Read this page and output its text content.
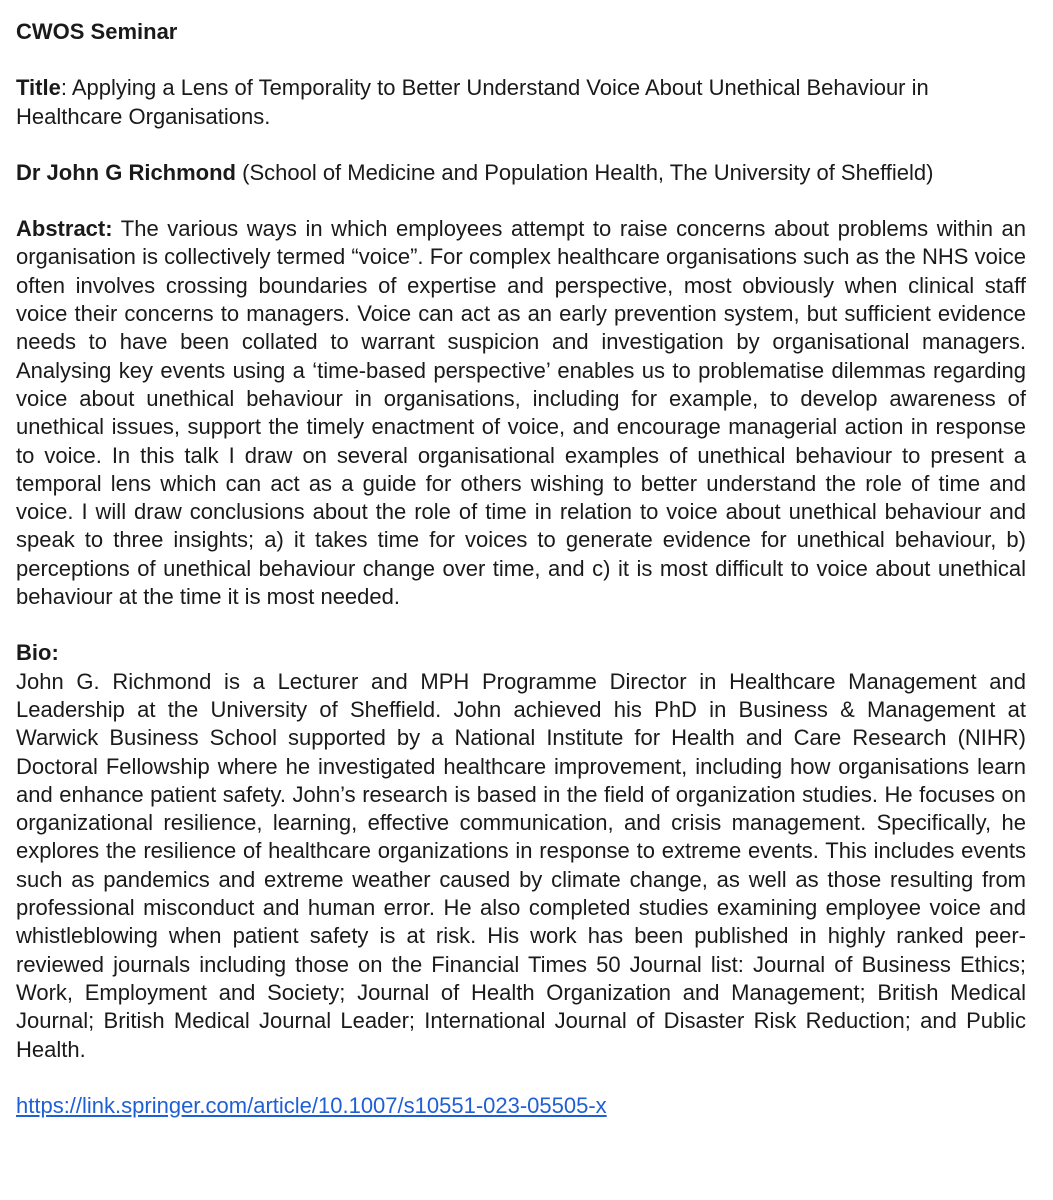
CWOS Seminar

Title: Applying a Lens of Temporality to Better Understand Voice About Unethical Behaviour in Healthcare Organisations.

Dr John G Richmond (School of Medicine and Population Health, The University of Sheffield)

Abstract: The various ways in which employees attempt to raise concerns about problems within an organisation is collectively termed “voice”. For complex healthcare organisations such as the NHS voice often involves crossing boundaries of expertise and perspective, most obviously when clinical staff voice their concerns to managers. Voice can act as an early prevention system, but sufficient evidence needs to have been collated to warrant suspicion and investigation by organisational managers. Analysing key events using a ‘time-based perspective’ enables us to problematise dilemmas regarding voice about unethical behaviour in organisations, including for example, to develop awareness of unethical issues, support the timely enactment of voice, and encourage managerial action in response to voice. In this talk I draw on several organisational examples of unethical behaviour to present a temporal lens which can act as a guide for others wishing to better understand the role of time and voice. I will draw conclusions about the role of time in relation to voice about unethical behaviour and speak to three insights; a) it takes time for voices to generate evidence for unethical behaviour, b) perceptions of unethical behaviour change over time, and c) it is most difficult to voice about unethical behaviour at the time it is most needed.

Bio:

John G. Richmond is a Lecturer and MPH Programme Director in Healthcare Management and Leadership at the University of Sheffield. John achieved his PhD in Business & Management at Warwick Business School supported by a National Institute for Health and Care Research (NIHR) Doctoral Fellowship where he investigated healthcare improvement, including how organisations learn and enhance patient safety. John’s research is based in the field of organization studies. He focuses on organizational resilience, learning, effective communication, and crisis management. Specifically, he explores the resilience of healthcare organizations in response to extreme events. This includes events such as pandemics and extreme weather caused by climate change, as well as those resulting from professional misconduct and human error. He also completed studies examining employee voice and whistleblowing when patient safety is at risk. His work has been published in highly ranked peer-reviewed journals including those on the Financial Times 50 Journal list: Journal of Business Ethics; Work, Employment and Society; Journal of Health Organization and Management; British Medical Journal; British Medical Journal Leader; International Journal of Disaster Risk Reduction; and Public Health.

https://link.springer.com/article/10.1007/s10551-023-05505-x
